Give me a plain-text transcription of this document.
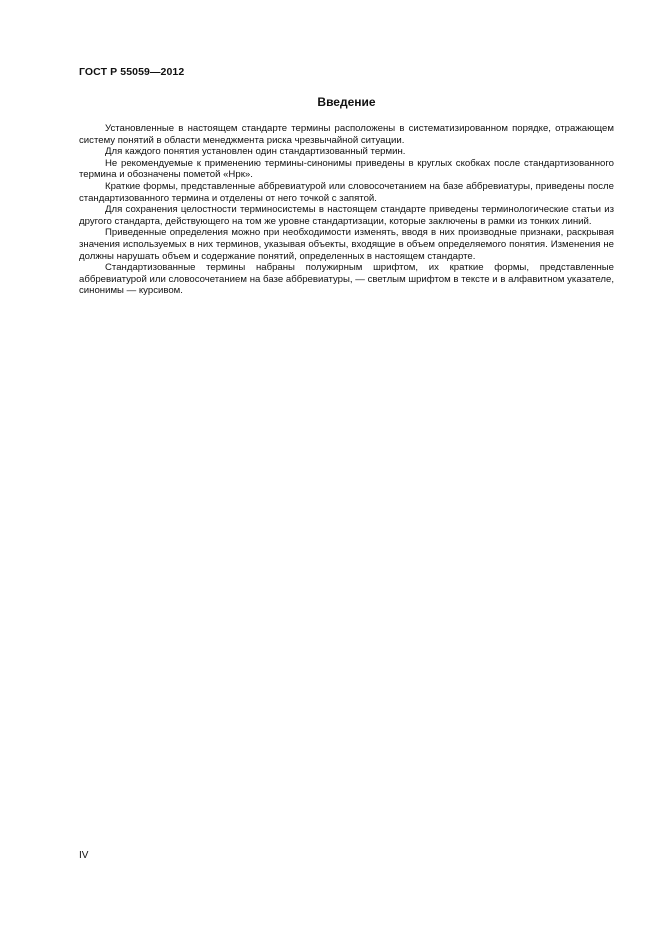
ГОСТ Р 55059—2012
Введение

Установленные в настоящем стандарте термины расположены в систематизированном порядке, отражающем систему понятий в области менеджмента риска чрезвычайной ситуации.

Для каждого понятия установлен один стандартизованный термин.

Не рекомендуемые к применению термины-синонимы приведены в круглых скобках после стандартизованного термина и обозначены пометой «Нрк».

Краткие формы, представленные аббревиатурой или словосочетанием на базе аббревиатуры, приведены после стандартизованного термина и отделены от него точкой с запятой.

Для сохранения целостности терминосистемы в настоящем стандарте приведены терминологические статьи из другого стандарта, действующего на том же уровне стандартизации, которые заключены в рамки из тонких линий.

Приведенные определения можно при необходимости изменять, вводя в них производные признаки, раскрывая значения используемых в них терминов, указывая объекты, входящие в объем определяемого понятия. Изменения не должны нарушать объем и содержание понятий, определенных в настоящем стандарте.

Стандартизованные термины набраны полужирным шрифтом, их краткие формы, представленные аббревиатурой или словосочетанием на базе аббревиатуры, — светлым шрифтом в тексте и в алфавитном указателе, синонимы — курсивом.

IV
